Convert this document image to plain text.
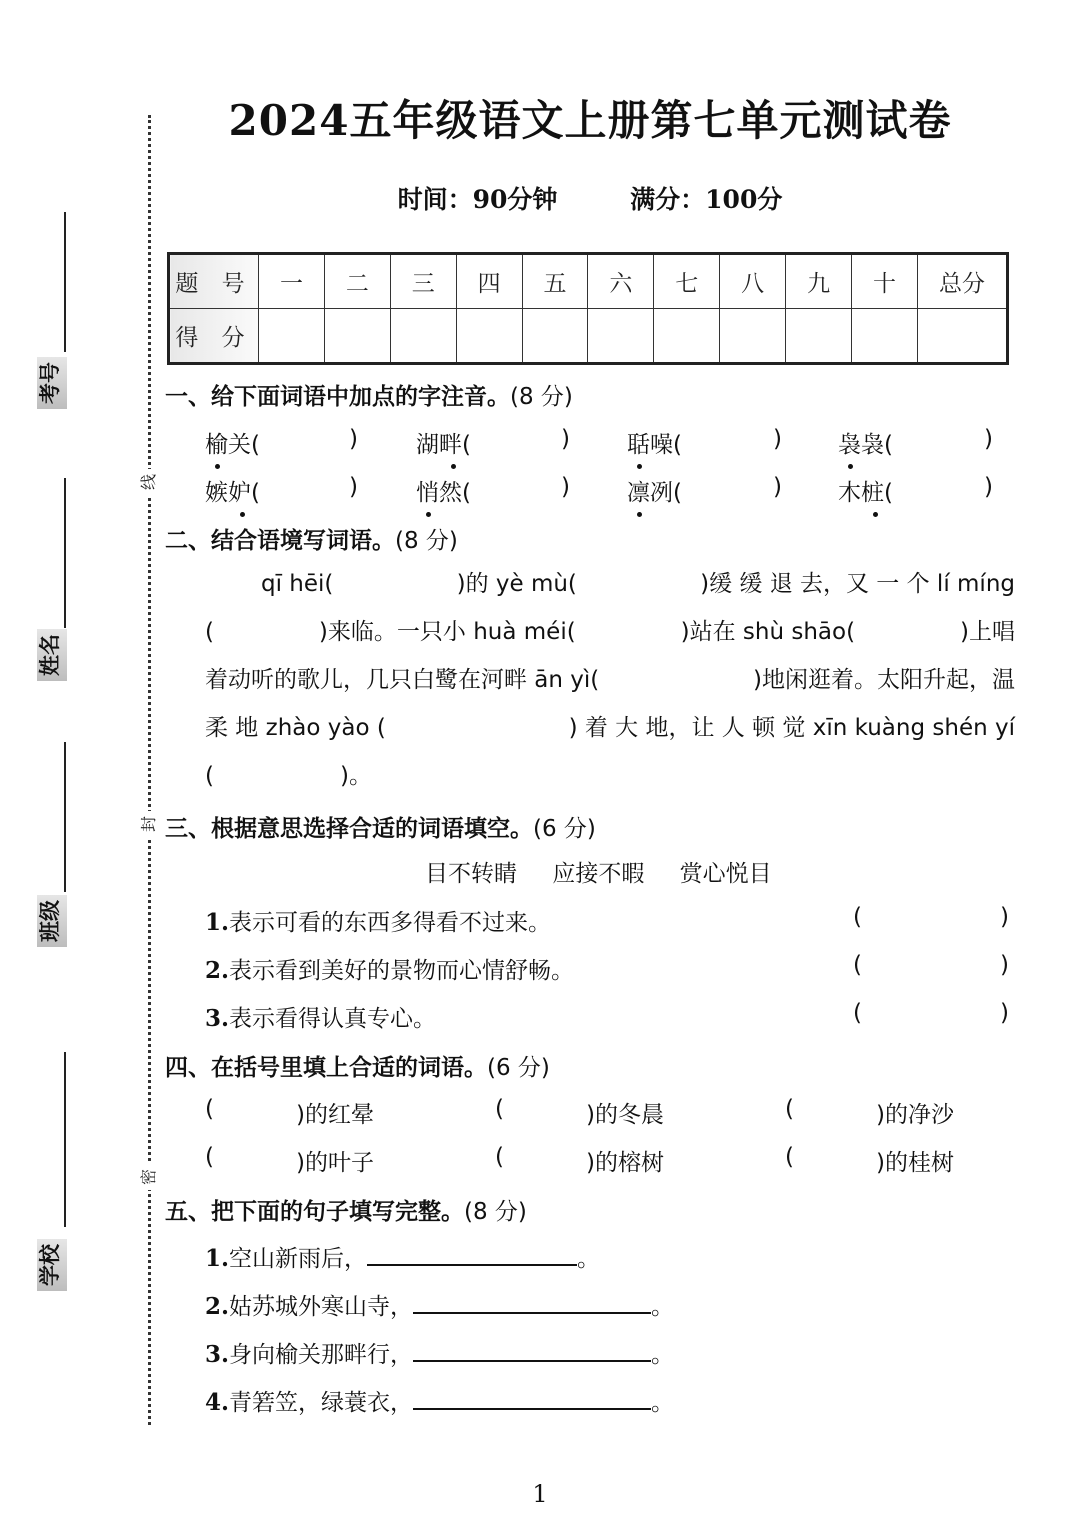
考号
姓名
班级
学校
线
封
密
2024五年级语文上册第七单元测试卷
时间：90分钟	满分：100分
题 号	一	二	三	四	五	六	七	八	九	十	总分
得 分											
一、给下面词语中加点的字注音。(8 分)
榆关(	)	湖畔(	) 聒噪(	) 袅袅(	)
嫉妒(	)	悄然(	) 凛冽(	) 木桩(	)
二、结合语境写词语。(8 分)
qī hēi(	)的 yè mù(	)缓 缓 退 去，又 一 个 lí míng
(	)来临。一只小 huà méi(	)站在 shù shāo(	)上唱
着动听的歌儿，几只白鹭在河畔 ān yì(	)地闲逛着。太阳升起，温
柔 地 zhào yào (	) 着 大 地，让 人 顿 觉 xīn kuàng shén yí
(	)。
三、根据意思选择合适的词语填空。(6 分)
目不转睛 应接不暇 赏心悦目
1.表示可看的东西多得看不过来。	(	)
2.表示看到美好的景物而心情舒畅。	(	)
3.表示看得认真专心。	(	)
四、在括号里填上合适的词语。(6 分)
(	)的红晕	(	)的冬晨	(	)的净沙
(	)的叶子	(	)的榕树	(	)的桂树
五、把下面的句子填写完整。(8 分)
1.空山新雨后，	。
2.姑苏城外寒山寺，	。
3.身向榆关那畔行，	。
4.青箬笠，绿蓑衣，	。
1
